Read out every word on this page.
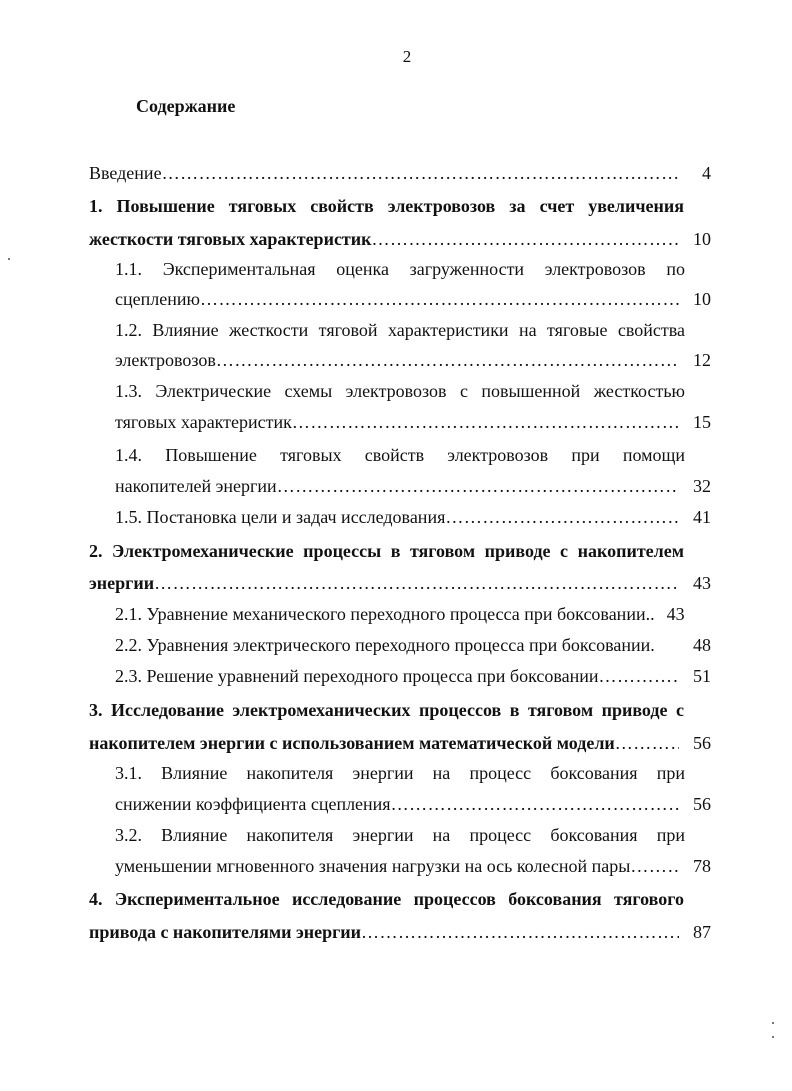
2
Содержание
Введение ………………………………………………………………………………………………………………………………………………………………………………………………………………………	4
1. Повышение тяговых свойств электровозов за счет увеличения
жесткости тяговых характеристик ………………………………………………………………………………………………………………………………………………………………………………………………………………………	10
1.1. Экспериментальная оценка загруженности электровозов по
сцеплению ………………………………………………………………………………………………………………………………………………………………………………………………………………………	10
1.2. Влияние жесткости тяговой характеристики на тяговые свойства
электровозов ………………………………………………………………………………………………………………………………………………………………………………………………………………………	12
1.3. Электрические схемы электровозов с повышенной жесткостью
тяговых характеристик ………………………………………………………………………………………………………………………………………………………………………………………………………………………	15
1.4. Повышение тяговых свойств электровозов при помощи
накопителей энергии ………………………………………………………………………………………………………………………………………………………………………………………………………………………	32
1.5. Постановка цели и задач исследования ………………………………………………………………………………………………………………………………………………………………………………………………………………………	41
2. Электромеханические процессы в тяговом приводе с накопителем
энергии ………………………………………………………………………………………………………………………………………………………………………………………………………………………	43
2.1. Уравнение механического переходного процесса при боксовании.. 43
2.2. Уравнения электрического переходного процесса при боксовании.	48
2.3. Решение уравнений переходного процесса при боксовании ………………………………………………………………………………………………………………………………………………………………………………………………………………………	51
3. Исследование электромеханических процессов в тяговом приводе с
накопителем энергии с использованием математической модели ………………………………………………………………………………………………………………………………………………………………………………………………………………………	56
3.1. Влияние накопителя энергии на процесс боксования при
снижении коэффициента сцепления ………………………………………………………………………………………………………………………………………………………………………………………………………………………	56
3.2. Влияние накопителя энергии на процесс боксования при
уменьшении мгновенного значения нагрузки на ось колесной пары ………………………………………………………………………………………………………………………………………………………………………………………………………………………	78
4. Экспериментальное исследование процессов боксования тягового
привода с накопителями энергии ………………………………………………………………………………………………………………………………………………………………………………………………………………………	87
